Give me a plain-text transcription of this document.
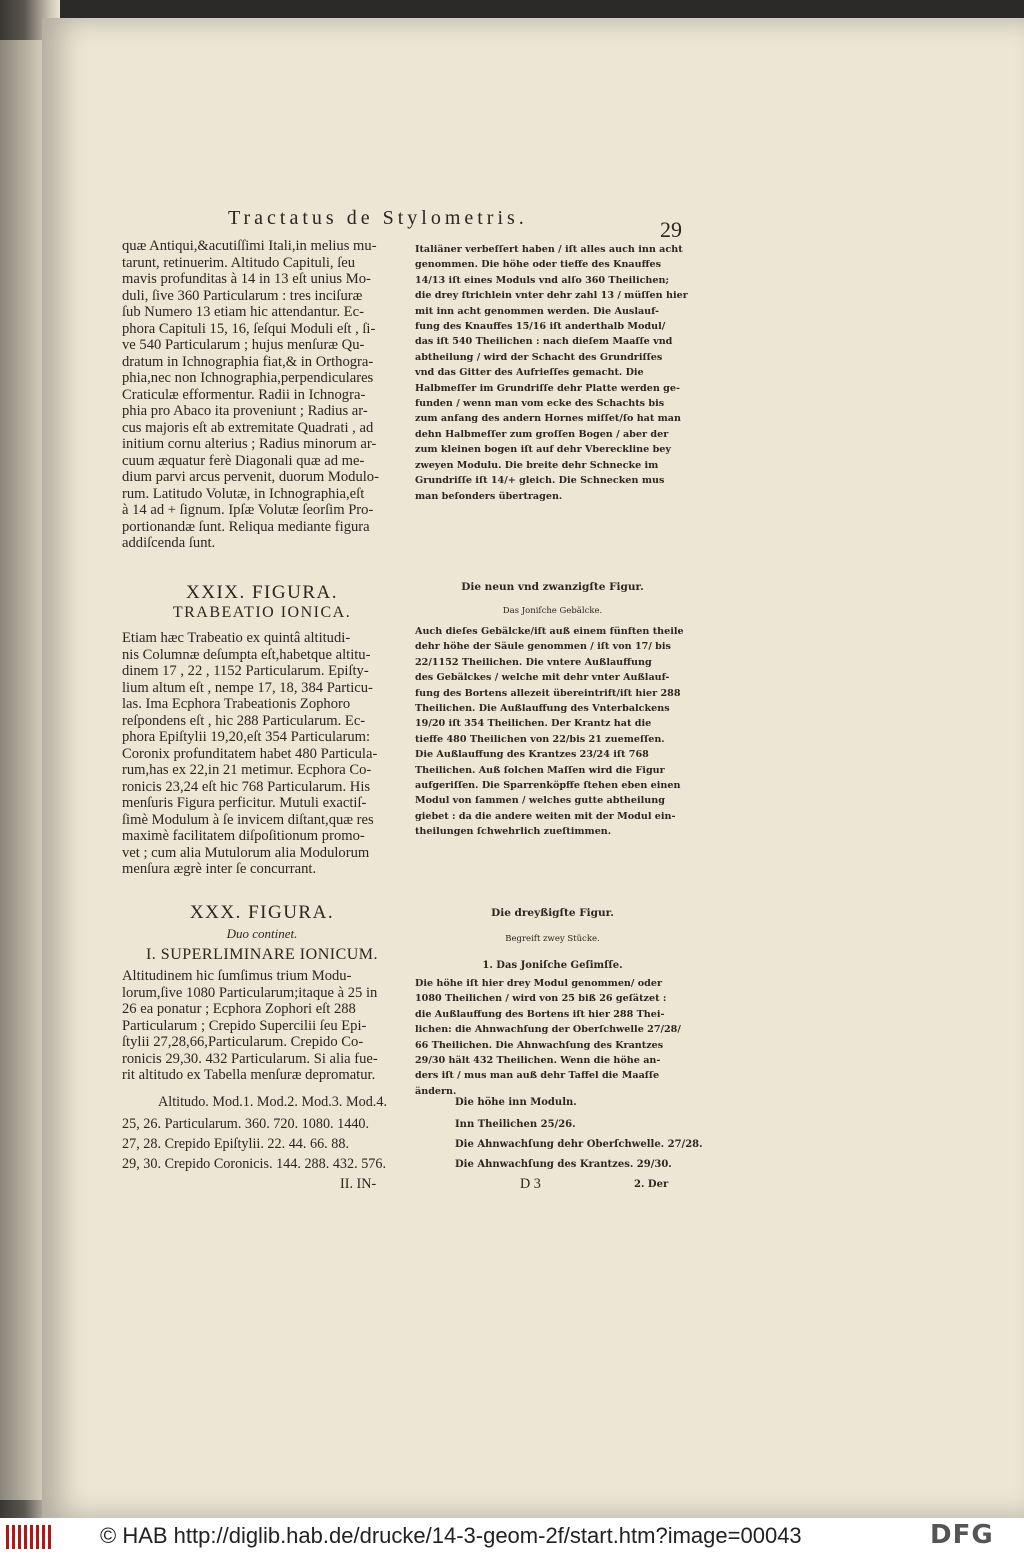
Tractatus de Stylometris.	29
quæ Antiqui,&acutiſſimi Itali,in melius mu-
tarunt, retinuerim. Altitudo Capituli, ſeu
mavis profunditas à 14 in 13 eſt unius Mo-
duli, ſive 360 Particularum : tres inciſuræ
ſub Numero 13 etiam hic attendantur. Ec-
phora Capituli 15, 16, ſeſqui Moduli eſt , ſi-
ve 540 Particularum ; hujus menſuræ Qu-
dratum in Ichnographia fiat,& in Orthogra-
phia,nec non Ichnographia,perpendiculares
Craticulæ efformentur. Radii in Ichnogra-
phia pro Abaco ita proveniunt ; Radius ar-
cus majoris eſt ab extremitate Quadrati , ad
initium cornu alterius ; Radius minorum ar-
cuum æquatur ferè Diagonali quæ ad me-
dium parvi arcus pervenit, duorum Modulo-
rum. Latitudo Volutæ, in Ichnographia,eſt
à 14 ad + ſignum. Ipſæ Volutæ ſeorſim Pro-
portionandæ ſunt. Reliqua mediante figura
addiſcenda ſunt.
Italiäner verbeſſert haben / iſt alles auch inn acht
genommen. Die höhe oder tieffe des Knauffes
14/13 iſt eines Moduls vnd alſo 360 Theilichen;
die drey ſtrichlein vnter dehr zahl 13 / müſſen hier
mit inn acht genommen werden. Die Auslauf-
fung des Knauffes 15/16 iſt anderthalb Modul/
das iſt 540 Theilichen : nach dieſem Maaſſe vnd
abtheilung / wird der Schacht des Grundriſſes
vnd das Gitter des Aufrieſſes gemacht. Die
Halbmeſſer im Grundriſſe dehr Platte werden ge-
funden / wenn man vom ecke des Schachts bis
zum anfang des andern Hornes miſſet/ſo hat man
dehn Halbmeſſer zum groſſen Bogen / aber der
zum kleinen bogen iſt auf dehr Vbereckline bey
zweyen Modulu. Die breite dehr Schnecke im
Grundriſſe iſt 14/+ gleich. Die Schnecken mus
man beſonders übertragen.
XXIX. FIGURA.
TRABEATIO IONICA.
Etiam hæc Trabeatio ex quintâ altitudi-
nis Columnæ deſumpta eſt,habetque altitu-
dinem 17 , 22 , 1152 Particularum. Epiſty-
lium altum eſt , nempe 17, 18, 384 Particu-
las. Ima Ecphora Trabeationis Zophoro
reſpondens eſt , hic 288 Particularum. Ec-
phora Epiſtylii 19,20,eſt 354 Particularum:
Coronix profunditatem habet 480 Particula-
rum,has ex 22,in 21 metimur. Ecphora Co-
ronicis 23,24 eſt hic 768 Particularum. His
menſuris Figura perficitur. Mutuli exactiſ-
ſimè Modulum à ſe invicem diſtant,quæ res
maximè facilitatem diſpoſitionum promo-
vet ; cum alia Mutulorum alia Modulorum
menſura ægrè inter ſe concurrant.
Die neun vnd zwanzigſte Figur.
Das Joniſche Gebälcke.
Auch dieſes Gebälcke/iſt auß einem fünften theile
dehr höhe der Säule genommen / iſt von 17/ bis
22/1152 Theilichen. Die vntere Außlauffung
des Gebälckes / welche mit dehr vnter Außlauf-
fung des Bortens allezeit übereintrift/iſt hier 288
Theilichen. Die Außlauffung des Vnterbalckens
19/20 iſt 354 Theilichen. Der Krantz hat die
tieffe 480 Theilichen von 22/bis 21 zuemeſſen.
Die Außlauffung des Krantzes 23/24 iſt 768
Theilichen. Auß ſolchen Maſſen wird die Figur
aufgeriſſen. Die Sparrenköpffe ſtehen eben einen
Modul von ſammen / welches gutte abtheilung
giebet : da die andere weiten mit der Modul ein-
theilungen ſchwehrlich zueſtimmen.
XXX. FIGURA.
Duo continet.
I. SUPERLIMINARE IONICUM.
Altitudinem hic ſumſimus trium Modu-
lorum,ſive 1080 Particularum;itaque à 25 in
26 ea ponatur ; Ecphora Zophori eſt 288
Particularum ; Crepido Supercilii ſeu Epi-
ſtylii 27,28,66,Particularum. Crepido Co-
ronicis 29,30. 432 Particularum. Si alia fue-
rit altitudo ex Tabella menſuræ depromatur.
Die dreyßigſte Figur.
Begreift zwey Stücke.
1. Das Joniſche Geſimſſe.
Die höhe iſt hier drey Modul genommen/ oder
1080 Theilichen / wird von 25 biß 26 geſätzet :
die Außlauffung des Bortens iſt hier 288 Thei-
lichen: die Ahnwachſung der Oberſchwelle 27/28/
66 Theilichen. Die Ahnwachſung des Krantzes
29/30 hält 432 Theilichen. Wenn die höhe an-
ders iſt / mus man auß dehr Taffel die Maaſſe
ändern.
Altitudo. Mod.1. Mod.2. Mod.3. Mod.4.	Die höhe inn Moduln.
25, 26. Particularum. 360. 720. 1080. 1440.	Inn Theilichen 25/26.
27, 28. Crepido Epiſtylii. 22. 44. 66. 88.	Die Ahnwachſung dehr Oberſchwelle. 27/28.
29, 30. Crepido Coronicis. 144. 288. 432. 576.	Die Ahnwachſung des Krantzes. 29/30.
II. IN-	D 3	2. Der
© HAB http://diglib.hab.de/drucke/14-3-geom-2f/start.htm?image=00043	DFG
